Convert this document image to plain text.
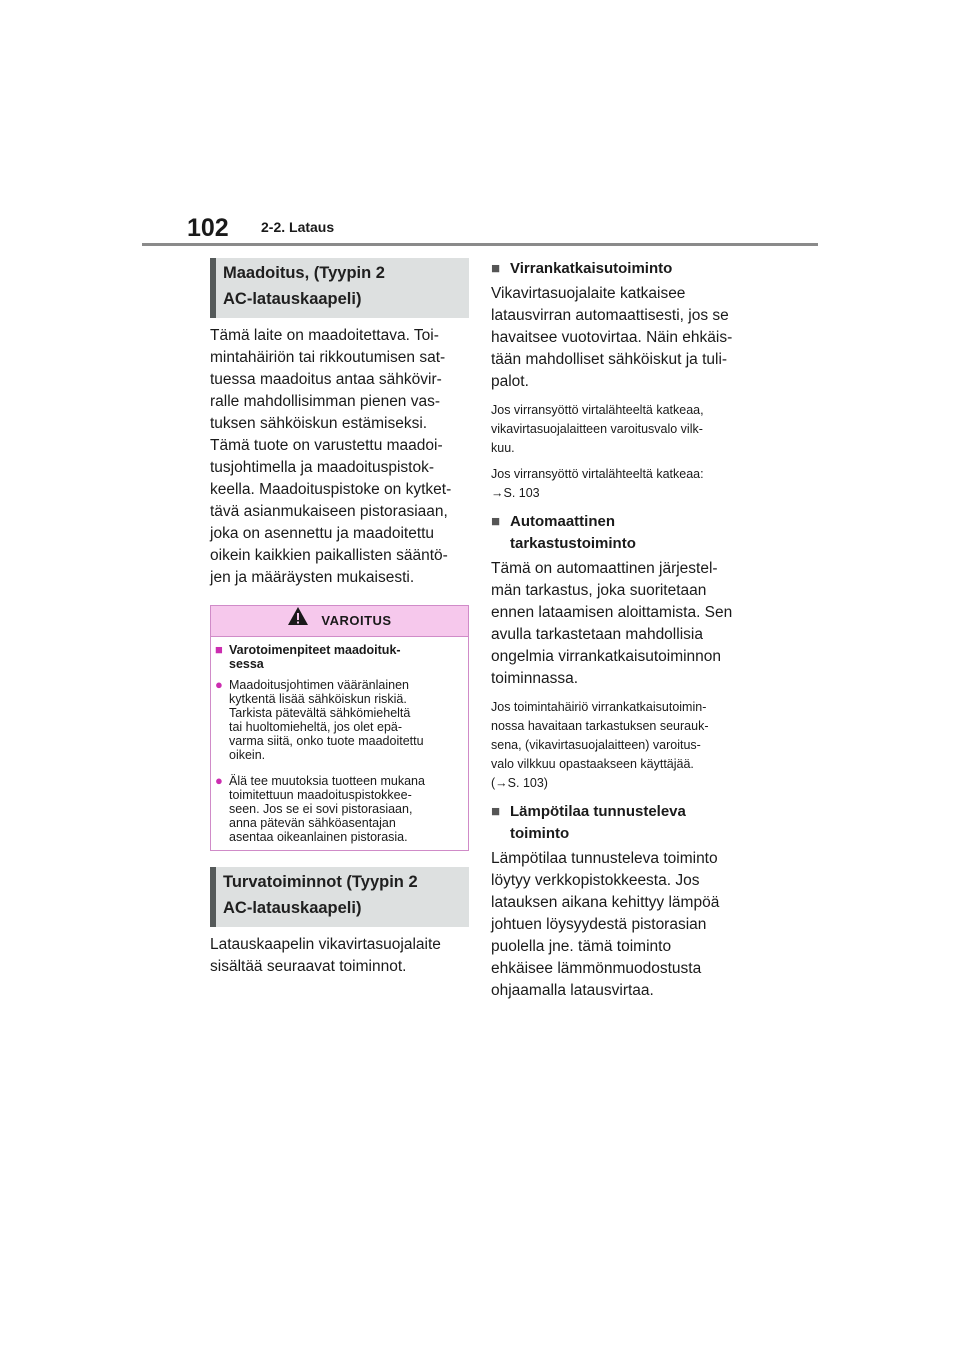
102 2-2. Lataus
Maadoitus, (Tyypin 2
AC-latauskaapeli)

Tämä laite on maadoitettava. Toi-
mintahäiriön tai rikkoutumisen sat-
tuessa maadoitus antaa sähkövir-
ralle mahdollisimman pienen vas-
tuksen sähköiskun estämiseksi.
Tämä tuote on varustettu maadoi-
tusjohtimella ja maadoituspistok-
keella. Maadoituspistoke on kytket-
tävä asianmukaiseen pistorasiaan,
joka on asennettu ja maadoitettu
oikein kaikkien paikallisten sääntö-
jen ja määräysten mukaisesti.

VAROITUS
■ Varotoimenpiteet maadoituk-
sessa
● Maadoitusjohtimen vääränlainen
kytkentä lisää sähköiskun riskiä.
Tarkista pätevältä sähkömieheltä
tai huoltomieheltä, jos olet epä-
varma siitä, onko tuote maadoitettu
oikein.
● Älä tee muutoksia tuotteen mukana
toimitettuun maadoituspistokkee-
seen. Jos se ei sovi pistorasiaan,
anna pätevän sähköasentajan
asentaa oikeanlainen pistorasia.
Turvatoiminnot (Tyypin 2
AC-latauskaapeli)

Latauskaapelin vikavirtasuojalaite
sisältää seuraavat toiminnot.

■ Virrankatkaisutoiminto

Vikavirtasuojalaite katkaisee
latausvirran automaattisesti, jos se
havaitsee vuotovirtaa. Näin ehkäis-
tään mahdolliset sähköiskut ja tuli-
palot.

Jos virransyöttö virtalähteeltä katkeaa,
vikavirtasuojalaitteen varoitusvalo vilk-
kuu.

Jos virransyöttö virtalähteeltä katkeaa:
→S. 103

■ Automaattinen
tarkastustoiminto

Tämä on automaattinen järjestel-
män tarkastus, joka suoritetaan
ennen lataamisen aloittamista. Sen
avulla tarkastetaan mahdollisia
ongelmia virrankatkaisutoiminnon
toiminnassa.

Jos toimintahäiriö virrankatkaisutoimin-
nossa havaitaan tarkastuksen seurauk-
sena, (vikavirtasuojalaitteen) varoitus-
valo vilkkuu opastaakseen käyttäjää.
(→S. 103)

■ Lämpötilaa tunnusteleva
toiminto

Lämpötilaa tunnusteleva toiminto
löytyy verkkopistokkeesta. Jos
latauksen aikana kehittyy lämpöä
johtuen löysyydestä pistorasian
puolella jne. tämä toiminto
ehkäisee lämmönmuodostusta
ohjaamalla latausvirtaa.
